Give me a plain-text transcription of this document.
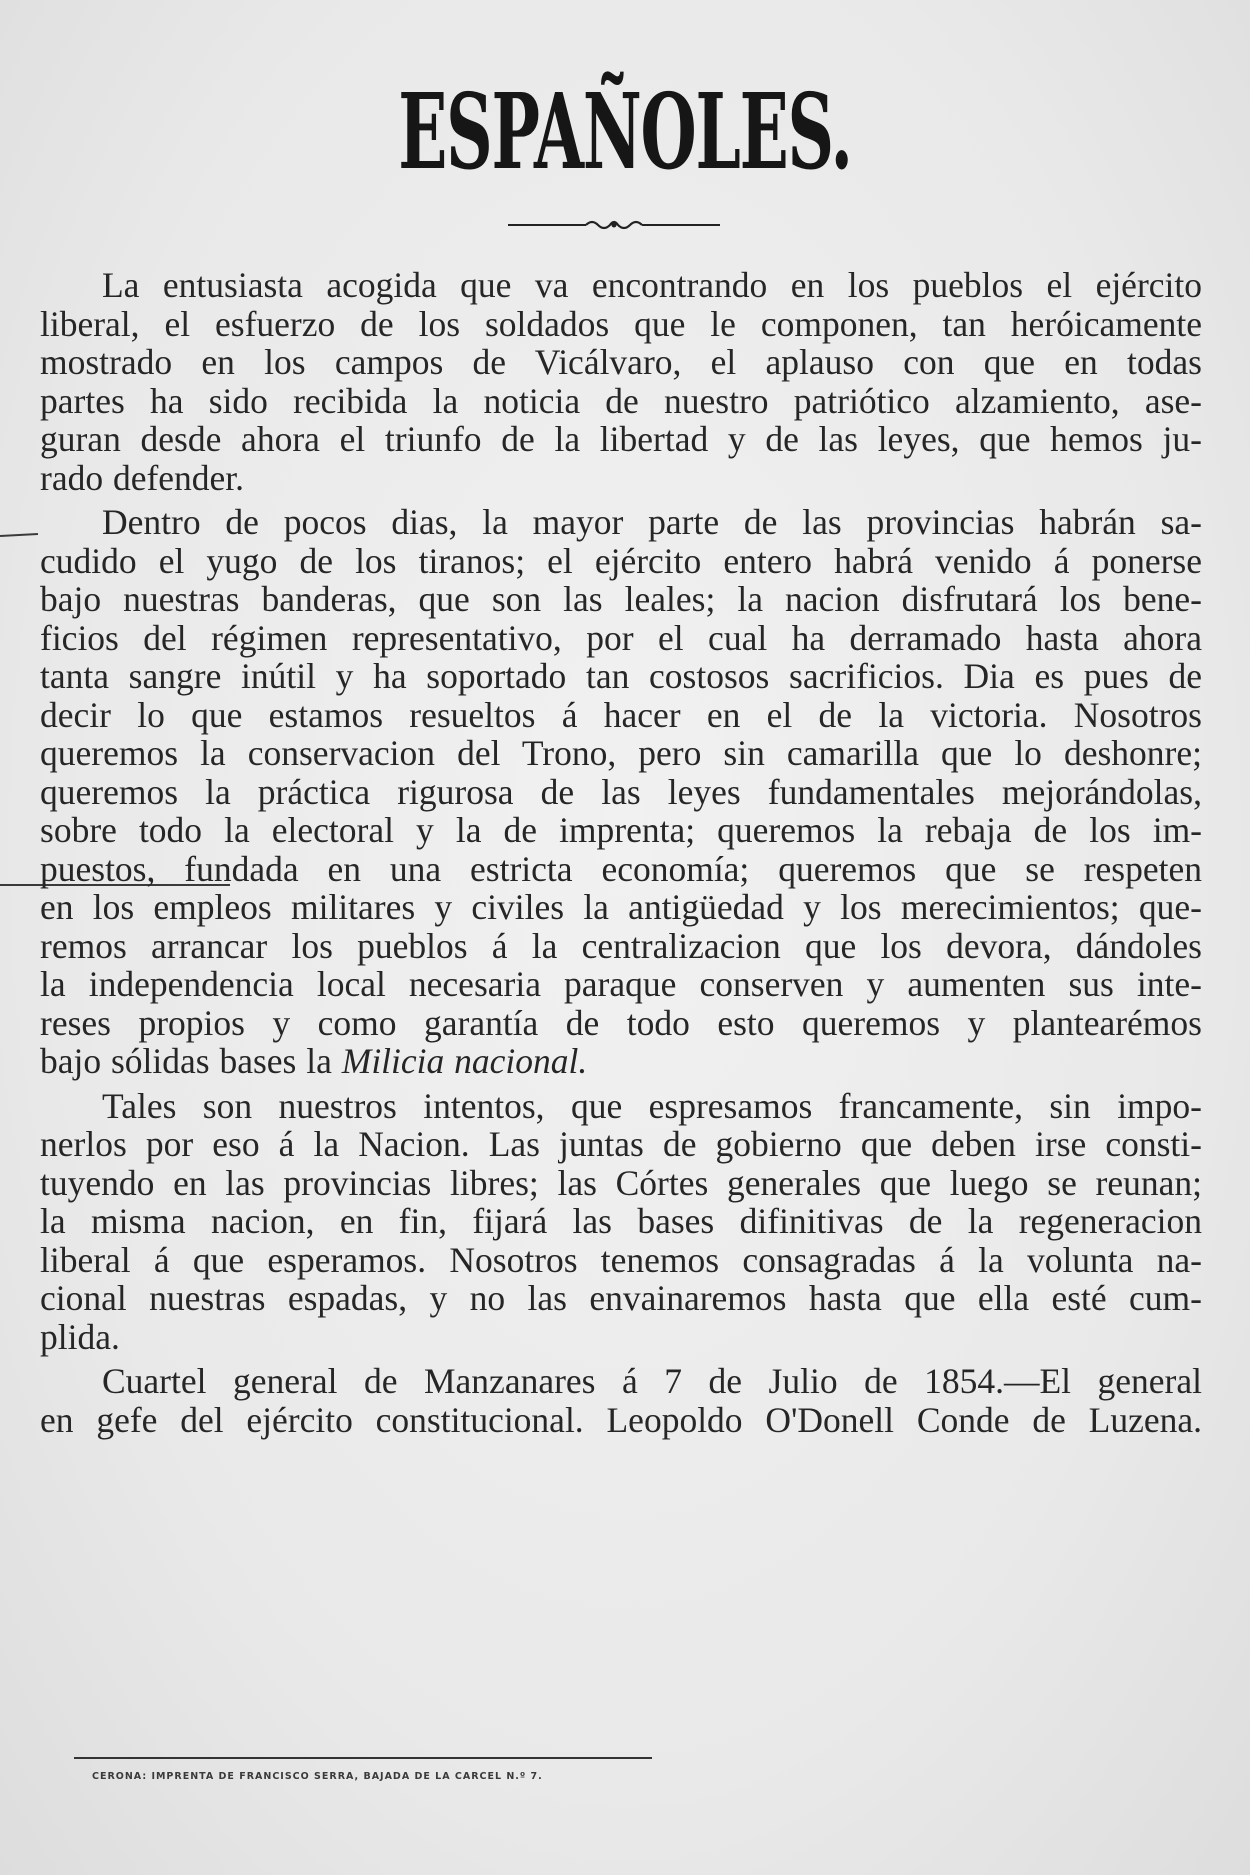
ESPAÑOLES.
La entusiasta acogida que va encontrando en los pueblos el ejército
liberal, el esfuerzo de los soldados que le componen, tan heróicamente
mostrado en los campos de Vicálvaro, el aplauso con que en todas
partes ha sido recibida la noticia de nuestro patriótico alzamiento, ase-
guran desde ahora el triunfo de la libertad y de las leyes, que hemos ju-
rado defender.
Dentro de pocos dias, la mayor parte de las provincias habrán sa-
cudido el yugo de los tiranos; el ejército entero habrá venido á ponerse
bajo nuestras banderas, que son las leales; la nacion disfrutará los bene-
ficios del régimen representativo, por el cual ha derramado hasta ahora
tanta sangre inútil y ha soportado tan costosos sacrificios. Dia es pues de
decir lo que estamos resueltos á hacer en el de la victoria. Nosotros
queremos la conservacion del Trono, pero sin camarilla que lo deshonre;
queremos la práctica rigurosa de las leyes fundamentales mejorándolas,
sobre todo la electoral y la de imprenta; queremos la rebaja de los im-
puestos, fundada en una estricta economía; queremos que se respeten
en los empleos militares y civiles la antigüedad y los merecimientos; que-
remos arrancar los pueblos á la centralizacion que los devora, dándoles
la independencia local necesaria paraque conserven y aumenten sus inte-
reses propios y como garantía de todo esto queremos y plantearémos
bajo sólidas bases la Milicia nacional.
Tales son nuestros intentos, que espresamos francamente, sin impo-
nerlos por eso á la Nacion. Las juntas de gobierno que deben irse consti-
tuyendo en las provincias libres; las Córtes generales que luego se reunan;
la misma nacion, en fin, fijará las bases difinitivas de la regeneracion
liberal á que esperamos. Nosotros tenemos consagradas á la volunta na-
cional nuestras espadas, y no las envainaremos hasta que ella esté cum-
plida.
Cuartel general de Manzanares á 7 de Julio de 1854.—El general
en gefe del ejército constitucional. Leopoldo O'Donell Conde de Luzena.
CERONA: IMPRENTA DE FRANCISCO SERRA, BAJADA DE LA CARCEL N.º 7.
